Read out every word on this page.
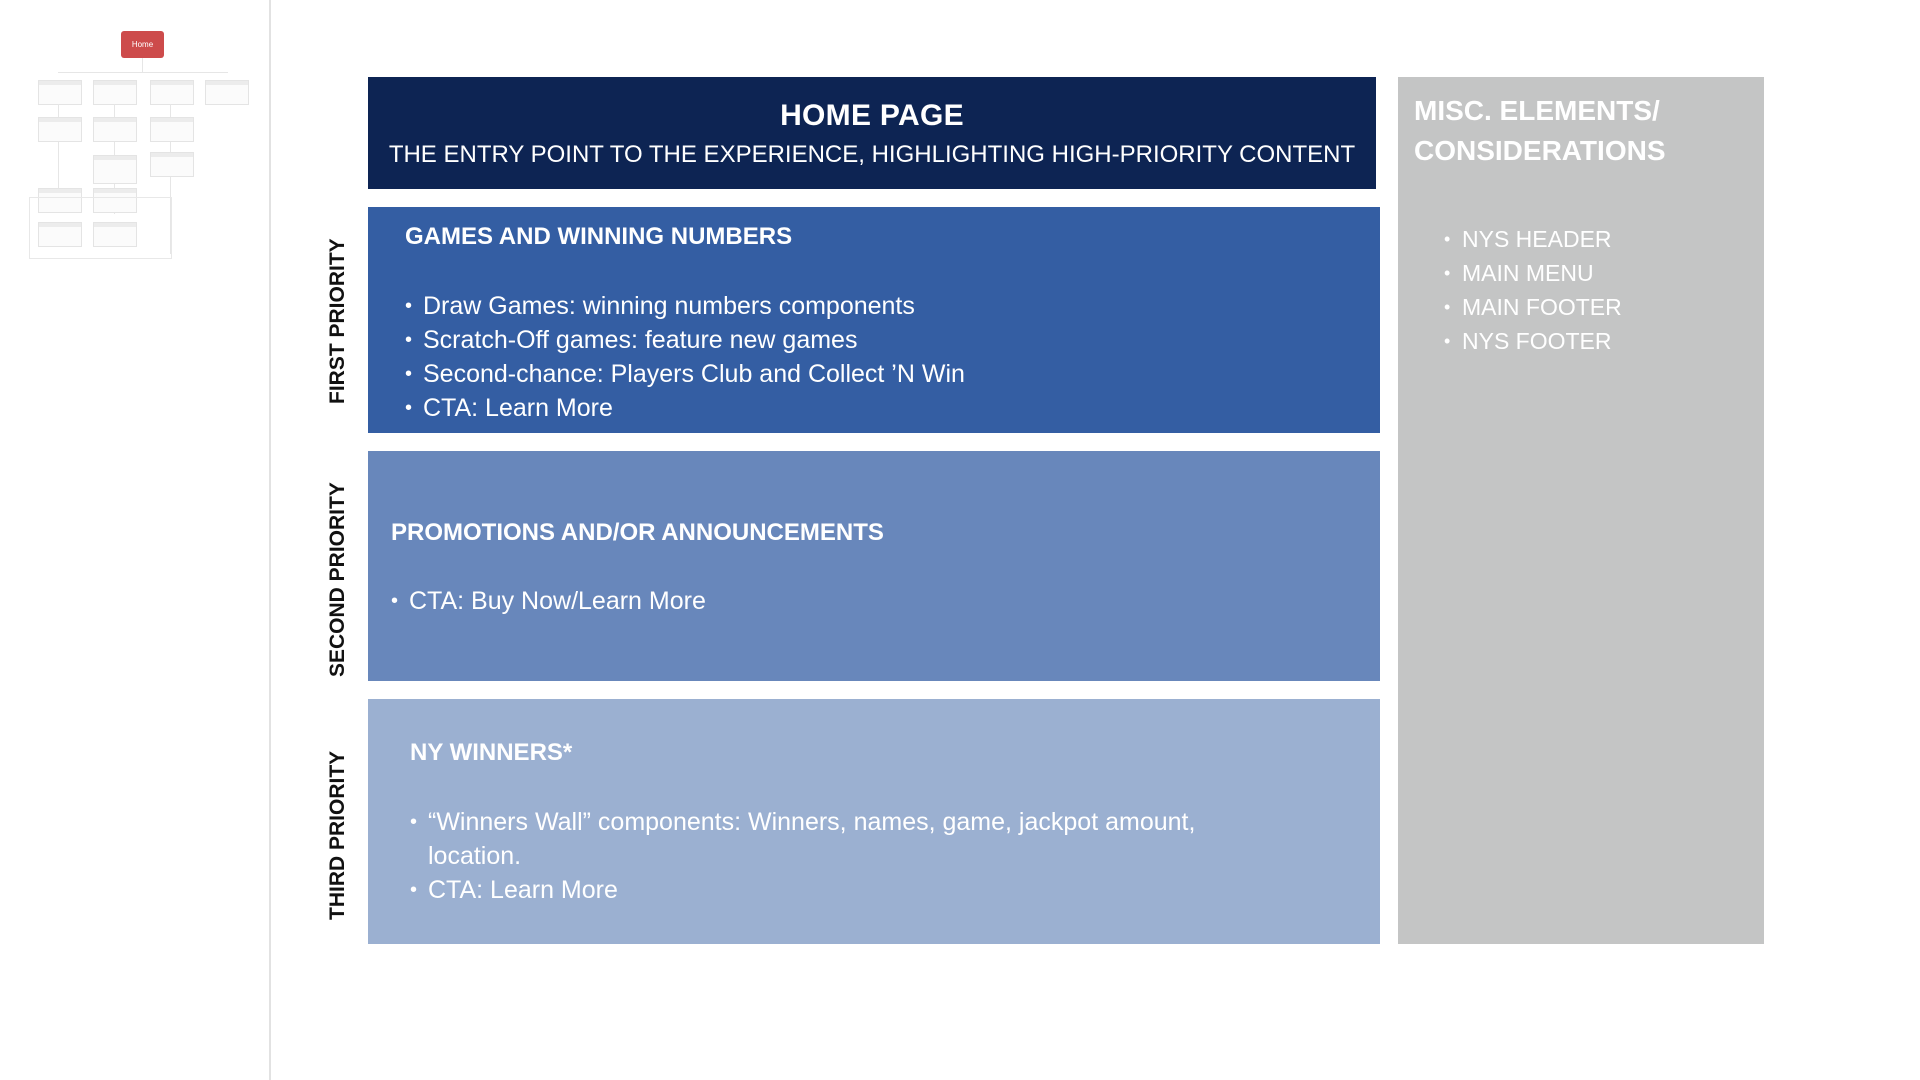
Home
HOME PAGE
THE ENTRY POINT TO THE EXPERIENCE, HIGHLIGHTING HIGH-PRIORITY CONTENT
FIRST PRIORITY
SECOND PRIORITY
THIRD PRIORITY
GAMES AND WINNING NUMBERS
• Draw Games: winning numbers components
• Scratch-Off games: feature new games
• Second-chance: Players Club and Collect ’N Win
• CTA: Learn More
PROMOTIONS AND/OR ANNOUNCEMENTS
• CTA: Buy Now/Learn More
NY WINNERS*
• “Winners Wall” components: Winners, names, game, jackpot amount, location.
• CTA: Learn More
MISC. ELEMENTS/ CONSIDERATIONS
• NYS HEADER
• MAIN MENU
• MAIN FOOTER
• NYS FOOTER
